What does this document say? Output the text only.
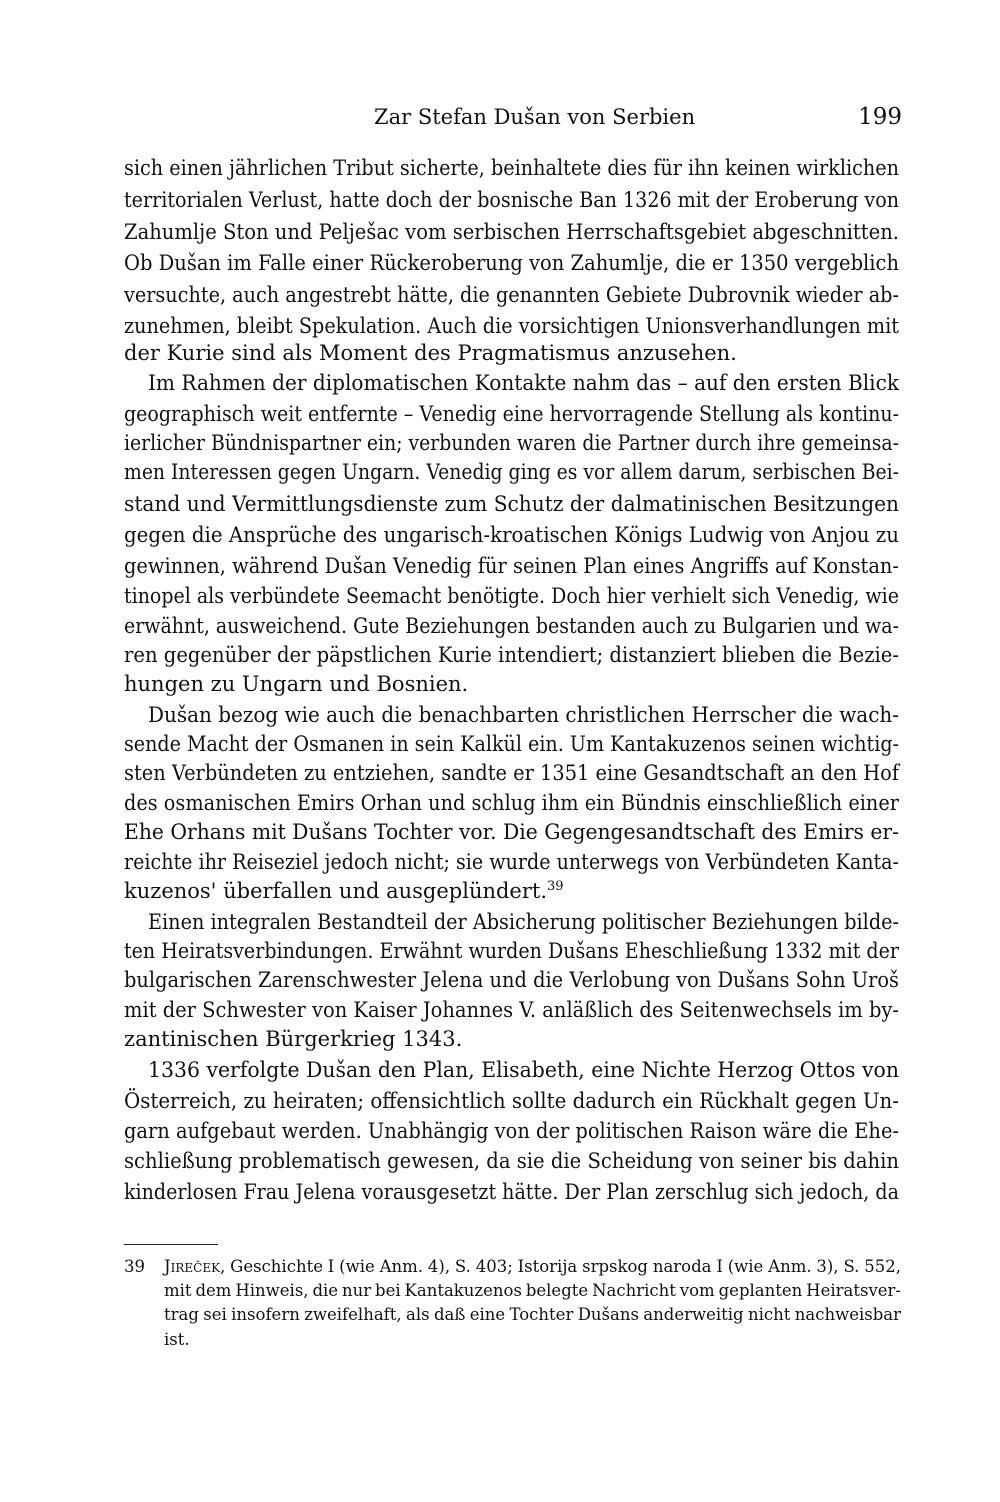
Zar Stefan Dušan von Serbien	199
sich einen jährlichen Tribut sicherte, beinhaltete dies für ihn keinen wirklichen
territorialen Verlust, hatte doch der bosnische Ban 1326 mit der Eroberung von
Zahumlje Ston und Pelješac vom serbischen Herrschaftsgebiet abgeschnitten.
Ob Dušan im Falle einer Rückeroberung von Zahumlje, die er 1350 vergeblich
versuchte, auch angestrebt hätte, die genannten Gebiete Dubrovnik wieder ab-
zunehmen, bleibt Spekulation. Auch die vorsichtigen Unionsverhandlungen mit
der Kurie sind als Moment des Pragmatismus anzusehen.
Im Rahmen der diplomatischen Kontakte nahm das – auf den ersten Blick
geographisch weit entfernte – Venedig eine hervorragende Stellung als kontinu-
ierlicher Bündnispartner ein; verbunden waren die Partner durch ihre gemeinsa-
men Interessen gegen Ungarn. Venedig ging es vor allem darum, serbischen Bei-
stand und Vermittlungsdienste zum Schutz der dalmatinischen Besitzungen
gegen die Ansprüche des ungarisch-kroatischen Königs Ludwig von Anjou zu
gewinnen, während Dušan Venedig für seinen Plan eines Angriffs auf Konstan-
tinopel als verbündete Seemacht benötigte. Doch hier verhielt sich Venedig, wie
erwähnt, ausweichend. Gute Beziehungen bestanden auch zu Bulgarien und wa-
ren gegenüber der päpstlichen Kurie intendiert; distanziert blieben die Bezie-
hungen zu Ungarn und Bosnien.
Dušan bezog wie auch die benachbarten christlichen Herrscher die wach-
sende Macht der Osmanen in sein Kalkül ein. Um Kantakuzenos seinen wichtig-
sten Verbündeten zu entziehen, sandte er 1351 eine Gesandtschaft an den Hof
des osmanischen Emirs Orhan und schlug ihm ein Bündnis einschließlich einer
Ehe Orhans mit Dušans Tochter vor. Die Gegengesandtschaft des Emirs er-
reichte ihr Reiseziel jedoch nicht; sie wurde unterwegs von Verbündeten Kanta-
kuzenos' überfallen und ausgeplündert.$^{39}$
Einen integralen Bestandteil der Absicherung politischer Beziehungen bilde-
ten Heiratsverbindungen. Erwähnt wurden Dušans Eheschließung 1332 mit der
bulgarischen Zarenschwester Jelena und die Verlobung von Dušans Sohn Uroš
mit der Schwester von Kaiser Johannes V. anläßlich des Seitenwechsels im by-
zantinischen Bürgerkrieg 1343.
1336 verfolgte Dušan den Plan, Elisabeth, eine Nichte Herzog Ottos von
Österreich, zu heiraten; offensichtlich sollte dadurch ein Rückhalt gegen Un-
garn aufgebaut werden. Unabhängig von der politischen Raison wäre die Ehe-
schließung problematisch gewesen, da sie die Scheidung von seiner bis dahin
kinderlosen Frau Jelena vorausgesetzt hätte. Der Plan zerschlug sich jedoch, da
39	Jireček, Geschichte I (wie Anm. 4), S. 403; Istorija srpskog naroda I (wie Anm. 3), S. 552,
mit dem Hinweis, die nur bei Kantakuzenos belegte Nachricht vom geplanten Heiratsver-
trag sei insofern zweifelhaft, als daß eine Tochter Dušans anderweitig nicht nachweisbar
ist.
